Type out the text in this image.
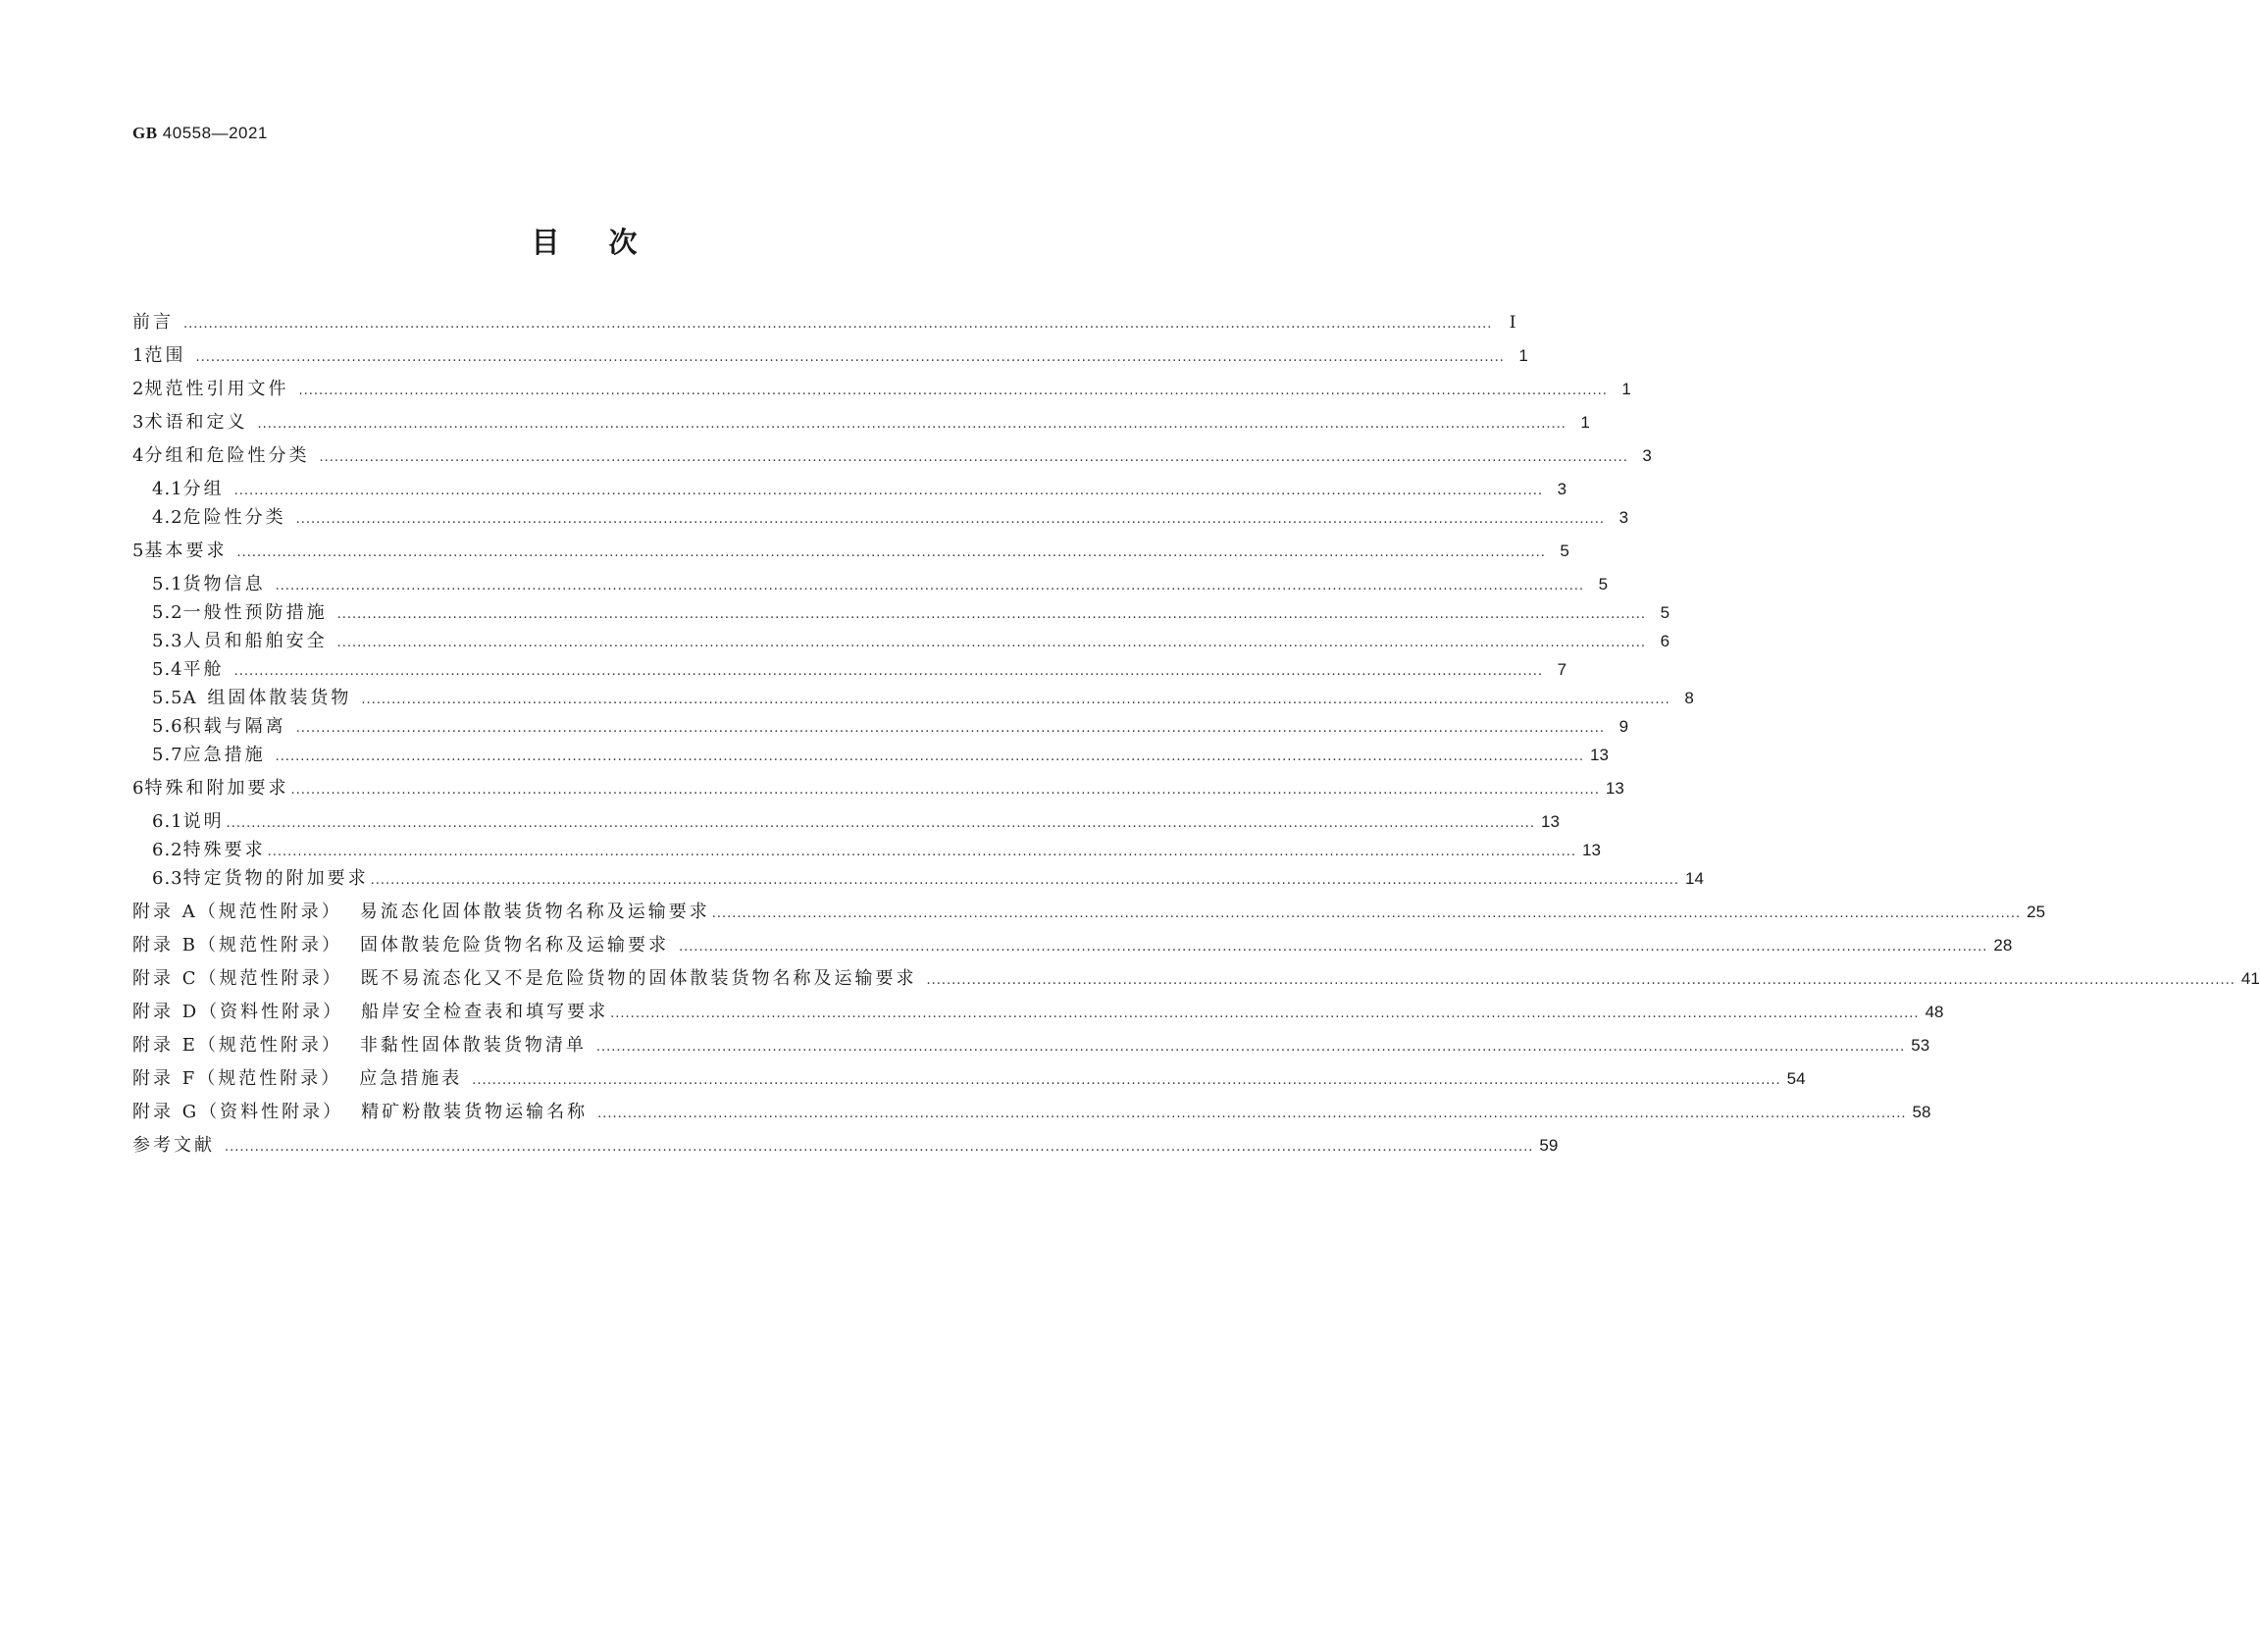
GB 40558—2021
目 次
前言 ....................................................................................................................................................................................................................................................................	Ⅰ
1 范围 .................................................................................................................................................................................................................................................................... 1
2 规范性引用文件 .................................................................................................................................................................................................................................................................... 1
3 术语和定义 .................................................................................................................................................................................................................................................................... 1
4 分组和危险性分类 .................................................................................................................................................................................................................................................................... 3
4.1 分组 .................................................................................................................................................................................................................................................................... 3
4.2 危险性分类 .................................................................................................................................................................................................................................................................... 3
5 基本要求 .................................................................................................................................................................................................................................................................... 5
5.1 货物信息 .................................................................................................................................................................................................................................................................... 5
5.2 一般性预防措施 .................................................................................................................................................................................................................................................................... 5
5.3 人员和船舶安全 .................................................................................................................................................................................................................................................................... 6
5.4 平舱 .................................................................................................................................................................................................................................................................... 7
5.5 A 组固体散装货物 .................................................................................................................................................................................................................................................................... 8
5.6 积载与隔离 .................................................................................................................................................................................................................................................................... 9
5.7 应急措施 .................................................................................................................................................................................................................................................................... 13
6 特殊和附加要求 .................................................................................................................................................................................................................................................................... 13
6.1 说明 .................................................................................................................................................................................................................................................................... 13
6.2 特殊要求 .................................................................................................................................................................................................................................................................... 13
6.3 特定货物的附加要求 .................................................................................................................................................................................................................................................................... 14
附录 A（规范性附录） 易流态化固体散装货物名称及运输要求 .................................................................................................................................................................................................................................................................... 25
附录 B（规范性附录） 固体散装危险货物名称及运输要求 .................................................................................................................................................................................................................................................................... 28
附录 C（规范性附录） 既不易流态化又不是危险货物的固体散装货物名称及运输要求 .................................................................................................................................................................................................................................................................... 41
附录 D（资料性附录） 船岸安全检查表和填写要求 .................................................................................................................................................................................................................................................................... 48
附录 E（规范性附录） 非黏性固体散装货物清单 .................................................................................................................................................................................................................................................................... 53
附录 F（规范性附录） 应急措施表 .................................................................................................................................................................................................................................................................... 54
附录 G（资料性附录） 精矿粉散装货物运输名称 .................................................................................................................................................................................................................................................................... 58
参考文献 .................................................................................................................................................................................................................................................................... 59
